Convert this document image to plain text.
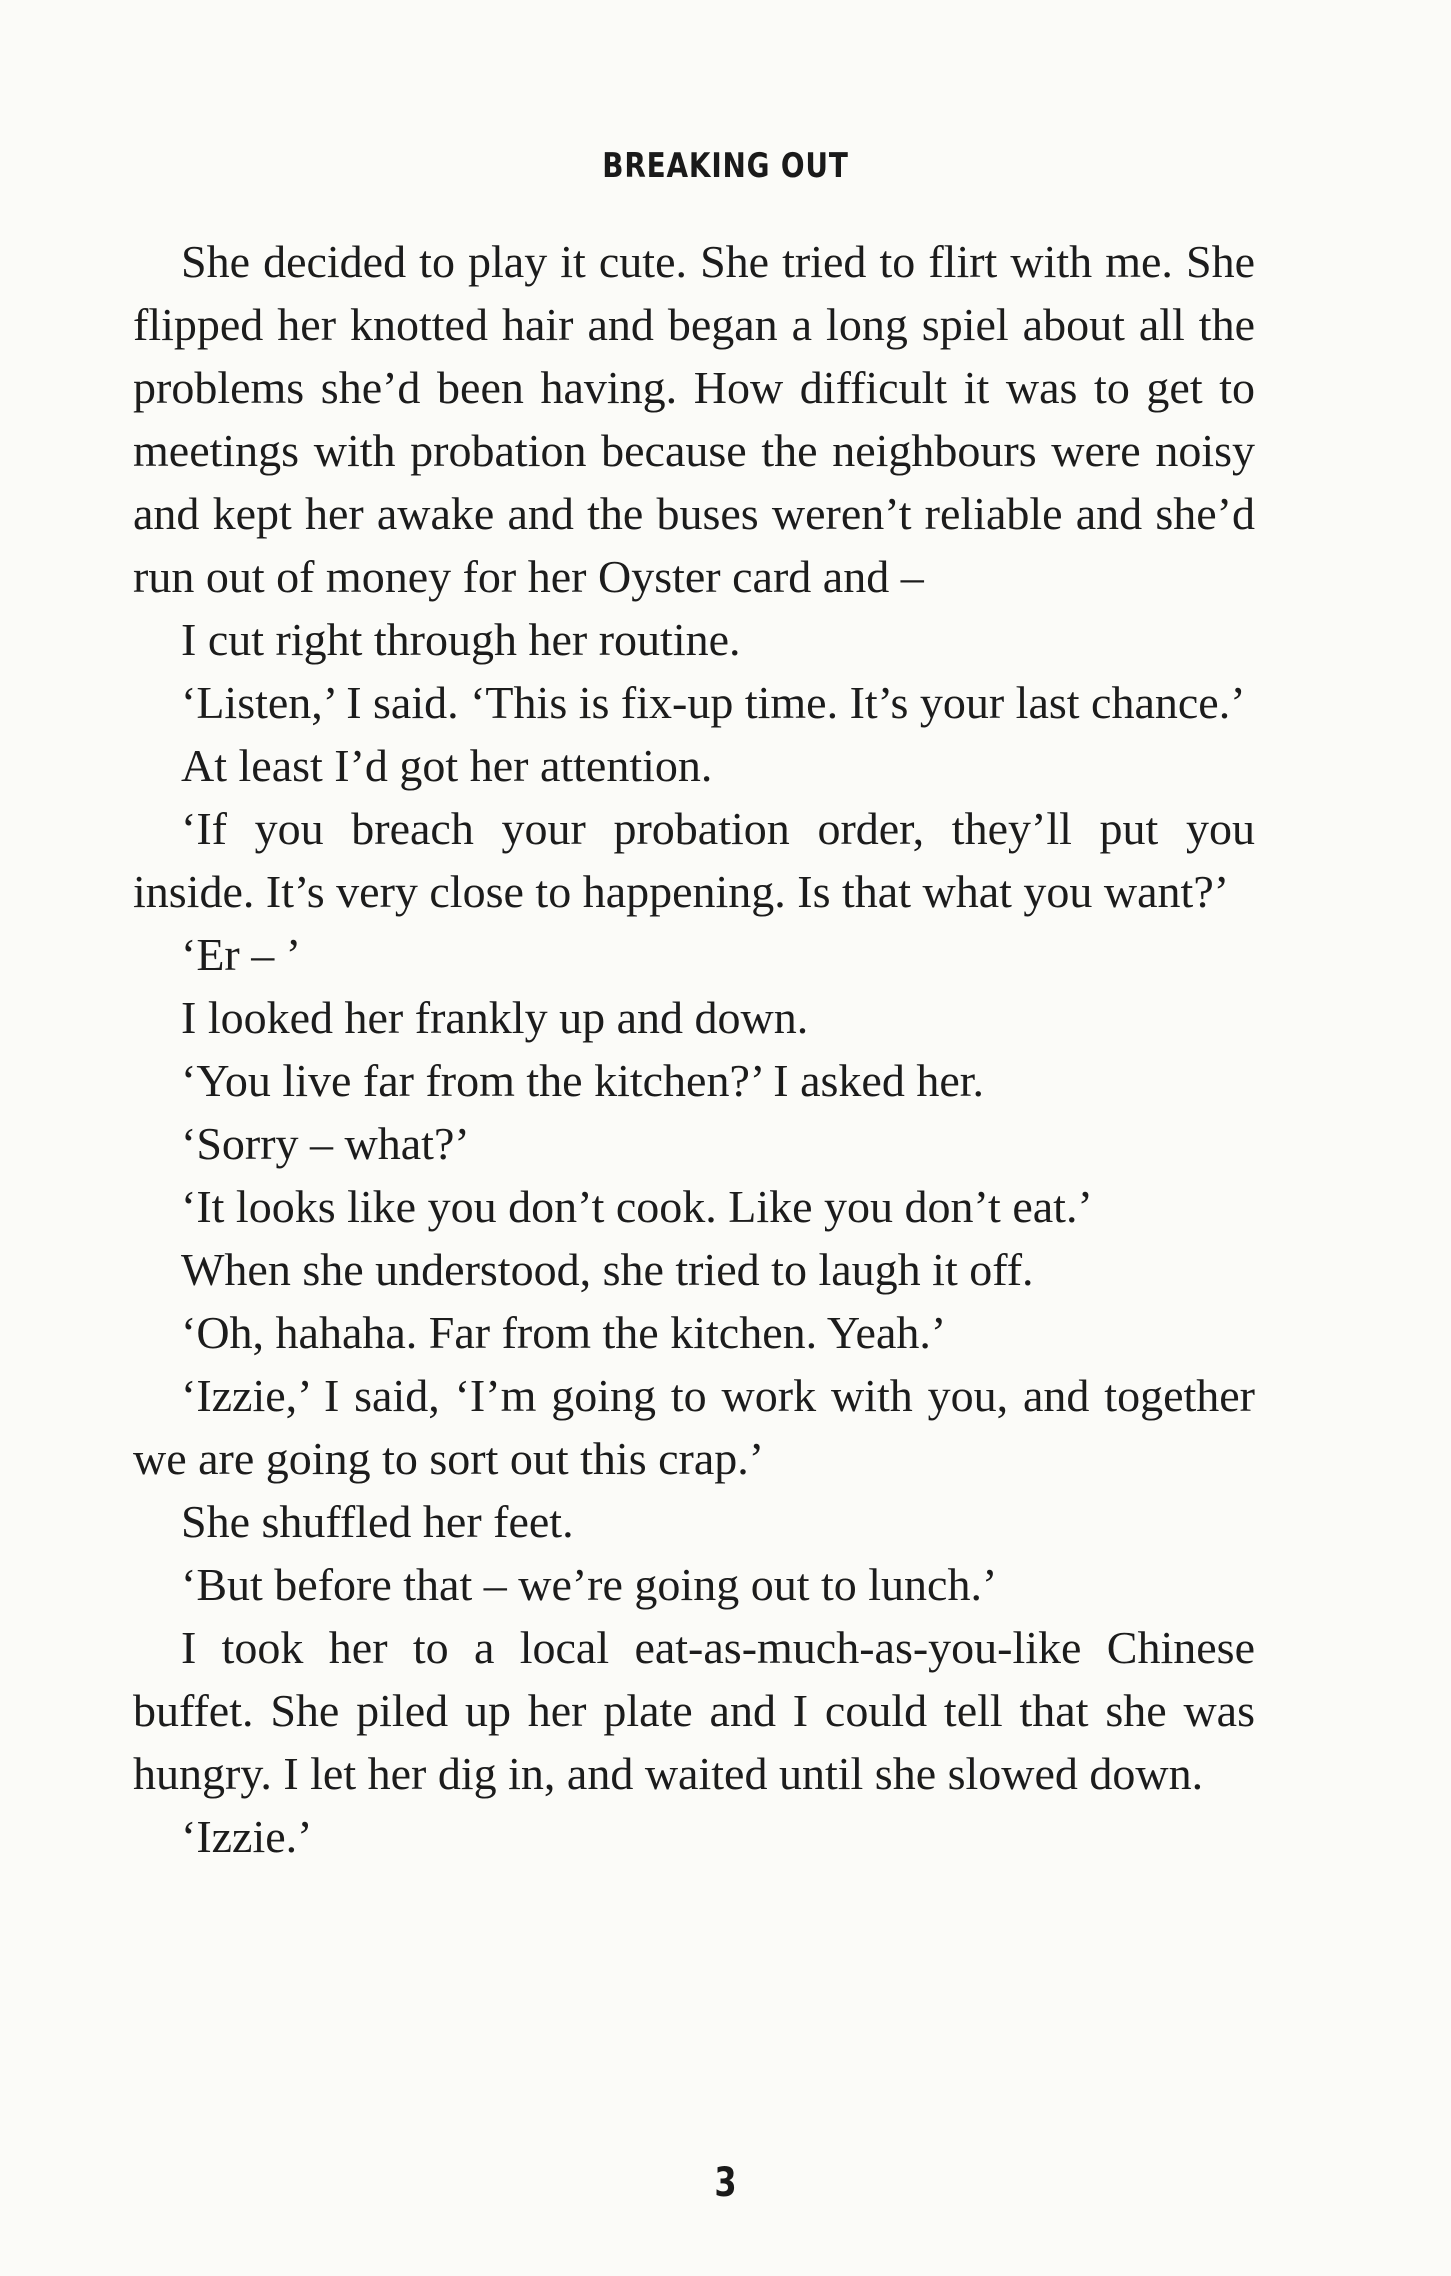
BREAKING OUT

She decided to play it cute. She tried to flirt with me. She flipped her knotted hair and began a long spiel about all the problems she’d been having. How difficult it was to get to meetings with probation because the neighbours were noisy and kept her awake and the buses weren’t reliable and she’d run out of money for her Oyster card and –

I cut right through her routine.

‘Listen,’ I said. ‘This is fix-up time. It’s your last chance.’

At least I’d got her attention.

‘If you breach your probation order, they’ll put you inside. It’s very close to happening. Is that what you want?’

‘Er – ’

I looked her frankly up and down.

‘You live far from the kitchen?’ I asked her.

‘Sorry – what?’

‘It looks like you don’t cook. Like you don’t eat.’

When she understood, she tried to laugh it off.

‘Oh, hahaha. Far from the kitchen. Yeah.’

‘Izzie,’ I said, ‘I’m going to work with you, and together we are going to sort out this crap.’

She shuffled her feet.

‘But before that – we’re going out to lunch.’

I took her to a local eat-as-much-as-you-like Chinese buffet. She piled up her plate and I could tell that she was hungry. I let her dig in, and waited until she slowed down.

‘Izzie.’

3
